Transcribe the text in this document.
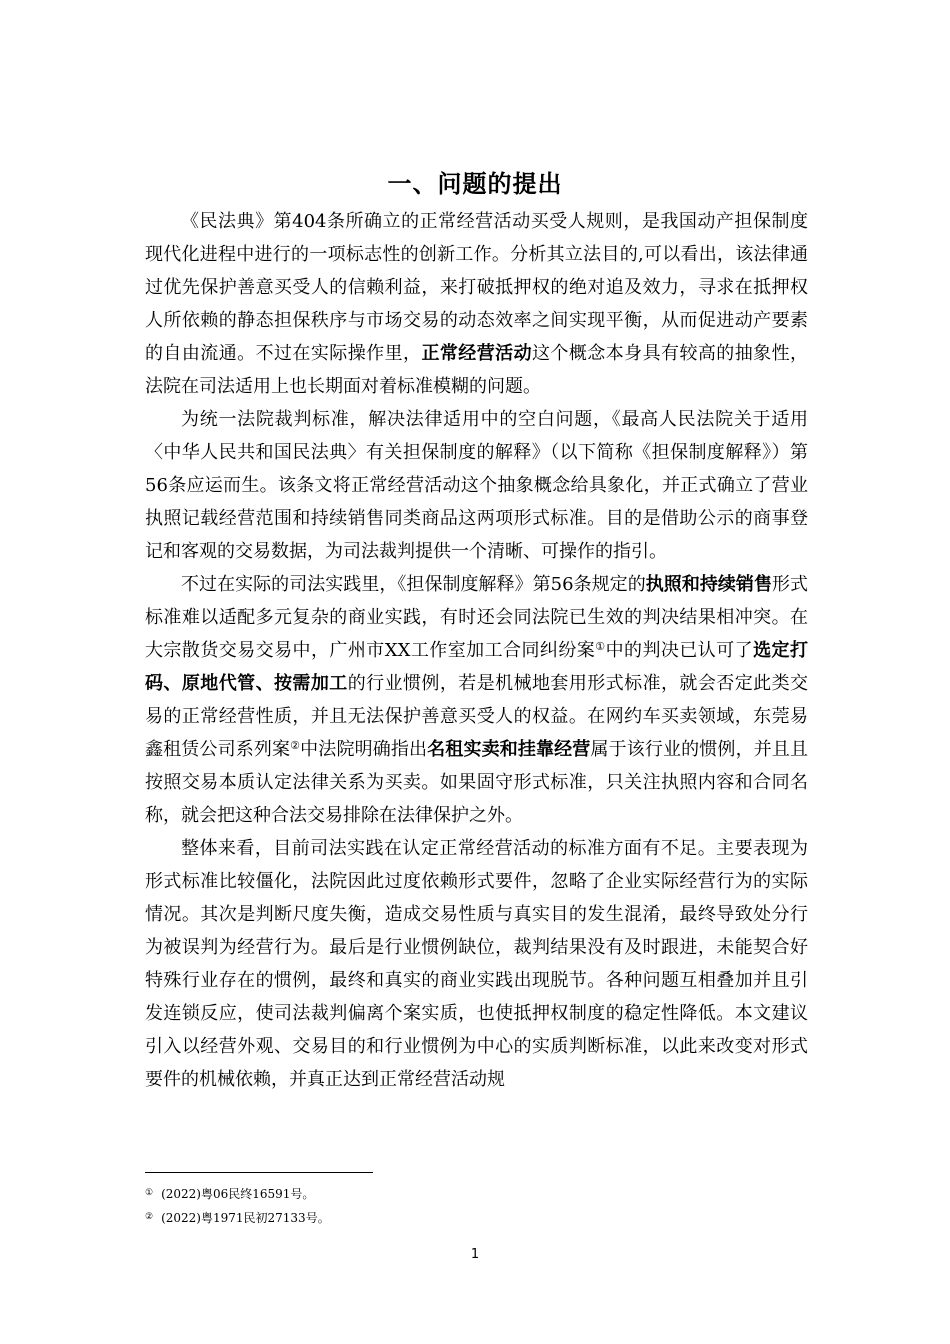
一、问题的提出

《民法典》第404条所确立的正常经营活动买受人规则，是我国动产担保制度现代化进程中进行的一项标志性的创新工作。分析其立法目的,可以看出，该法律通过优先保护善意买受人的信赖利益，来打破抵押权的绝对追及效力，寻求在抵押权人所依赖的静态担保秩序与市场交易的动态效率之间实现平衡，从而促进动产要素的自由流通。不过在实际操作里，正常经营活动这个概念本身具有较高的抽象性，法院在司法适用上也长期面对着标准模糊的问题。

为统一法院裁判标准，解决法律适用中的空白问题，《最高人民法院关于适用〈中华人民共和国民法典〉有关担保制度的解释》（以下简称《担保制度解释》）第56条应运而生。该条文将正常经营活动这个抽象概念给具象化，并正式确立了营业执照记载经营范围和持续销售同类商品这两项形式标准。目的是借助公示的商事登记和客观的交易数据，为司法裁判提供一个清晰、可操作的指引。

不过在实际的司法实践里，《担保制度解释》第56条规定的执照和持续销售形式标准难以适配多元复杂的商业实践，有时还会同法院已生效的判决结果相冲突。在大宗散货交易交易中，广州市XX工作室加工合同纠纷案①中的判决已认可了选定打码、原地代管、按需加工的行业惯例，若是机械地套用形式标准，就会否定此类交易的正常经营性质，并且无法保护善意买受人的权益。在网约车买卖领域，东莞易鑫租赁公司系列案②中法院明确指出名租实卖和挂靠经营属于该行业的惯例，并且且按照交易本质认定法律关系为买卖。如果固守形式标准，只关注执照内容和合同名称，就会把这种合法交易排除在法律保护之外。

整体来看，目前司法实践在认定正常经营活动的标准方面有不足。主要表现为形式标准比较僵化，法院因此过度依赖形式要件，忽略了企业实际经营行为的实际情况。其次是判断尺度失衡，造成交易性质与真实目的发生混淆，最终导致处分行为被误判为经营行为。最后是行业惯例缺位，裁判结果没有及时跟进，未能契合好特殊行业存在的惯例，最终和真实的商业实践出现脱节。各种问题互相叠加并且引发连锁反应，使司法裁判偏离个案实质，也使抵押权制度的稳定性降低。本文建议引入以经营外观、交易目的和行业惯例为中心的实质判断标准，以此来改变对形式要件的机械依赖，并真正达到正常经营活动规

① (2022)粤06民终16591号。
② (2022)粤1971民初27133号。
1
